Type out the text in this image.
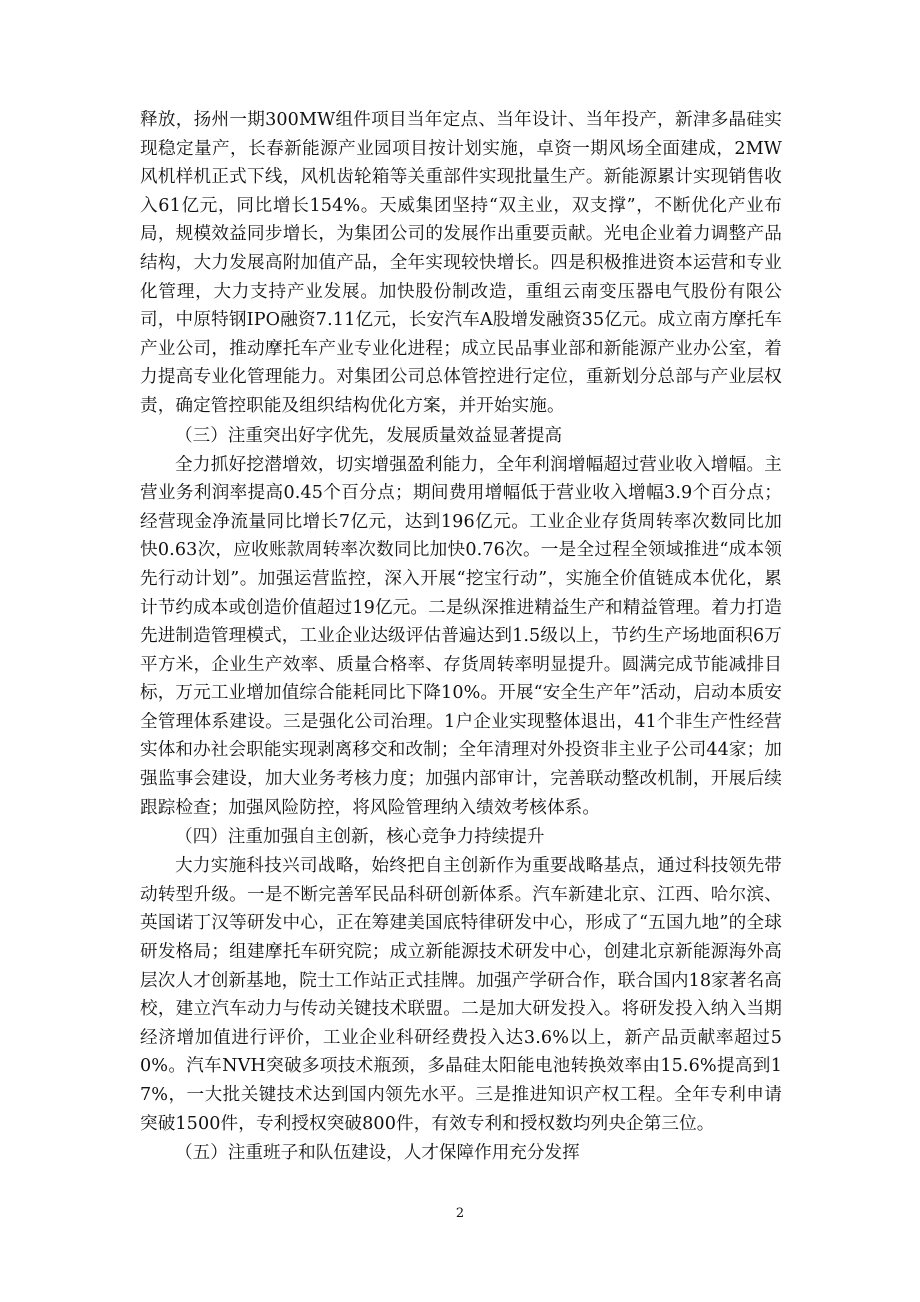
释放，扬州一期300MW组件项目当年定点、当年设计、当年投产，新津多晶硅实现稳定量产，长春新能源产业园项目按计划实施，卓资一期风场全面建成，2MW风机样机正式下线，风机齿轮箱等关重部件实现批量生产。新能源累计实现销售收入61亿元，同比增长154%。天威集团坚持“双主业，双支撑”，不断优化产业布局，规模效益同步增长，为集团公司的发展作出重要贡献。光电企业着力调整产品结构，大力发展高附加值产品，全年实现较快增长。四是积极推进资本运营和专业化管理，大力支持产业发展。加快股份制改造，重组云南变压器电气股份有限公司，中原特钢IPO融资7.11亿元，长安汽车A股增发融资35亿元。成立南方摩托车产业公司，推动摩托车产业专业化进程；成立民品事业部和新能源产业办公室，着力提高专业化管理能力。对集团公司总体管控进行定位，重新划分总部与产业层权责，确定管控职能及组织结构优化方案，并开始实施。

（三）注重突出好字优先，发展质量效益显著提高

全力抓好挖潜增效，切实增强盈利能力，全年利润增幅超过营业收入增幅。主营业务利润率提高0.45个百分点；期间费用增幅低于营业收入增幅3.9个百分点；经营现金净流量同比增长7亿元，达到196亿元。工业企业存货周转率次数同比加快0.63次，应收账款周转率次数同比加快0.76次。一是全过程全领域推进“成本领先行动计划”。加强运营监控，深入开展“挖宝行动”，实施全价值链成本优化，累计节约成本或创造价值超过19亿元。二是纵深推进精益生产和精益管理。着力打造先进制造管理模式，工业企业达级评估普遍达到1.5级以上，节约生产场地面积6万平方米，企业生产效率、质量合格率、存货周转率明显提升。圆满完成节能减排目标，万元工业增加值综合能耗同比下降10%。开展“安全生产年”活动，启动本质安全管理体系建设。三是强化公司治理。1户企业实现整体退出，41个非生产性经营实体和办社会职能实现剥离移交和改制；全年清理对外投资非主业子公司44家；加强监事会建设，加大业务考核力度；加强内部审计，完善联动整改机制，开展后续跟踪检查；加强风险防控，将风险管理纳入绩效考核体系。

（四）注重加强自主创新，核心竞争力持续提升

大力实施科技兴司战略，始终把自主创新作为重要战略基点，通过科技领先带动转型升级。一是不断完善军民品科研创新体系。汽车新建北京、江西、哈尔滨、英国诺丁汉等研发中心，正在筹建美国底特律研发中心，形成了“五国九地”的全球研发格局；组建摩托车研究院；成立新能源技术研发中心，创建北京新能源海外高层次人才创新基地，院士工作站正式挂牌。加强产学研合作，联合国内18家著名高校，建立汽车动力与传动关键技术联盟。二是加大研发投入。将研发投入纳入当期经济增加值进行评价，工业企业科研经费投入达3.6%以上，新产品贡献率超过50%。汽车NVH突破多项技术瓶颈，多晶硅太阳能电池转换效率由15.6%提高到17%，一大批关键技术达到国内领先水平。三是推进知识产权工程。全年专利申请突破1500件，专利授权突破800件，有效专利和授权数均列央企第三位。

（五）注重班子和队伍建设，人才保障作用充分发挥

2
